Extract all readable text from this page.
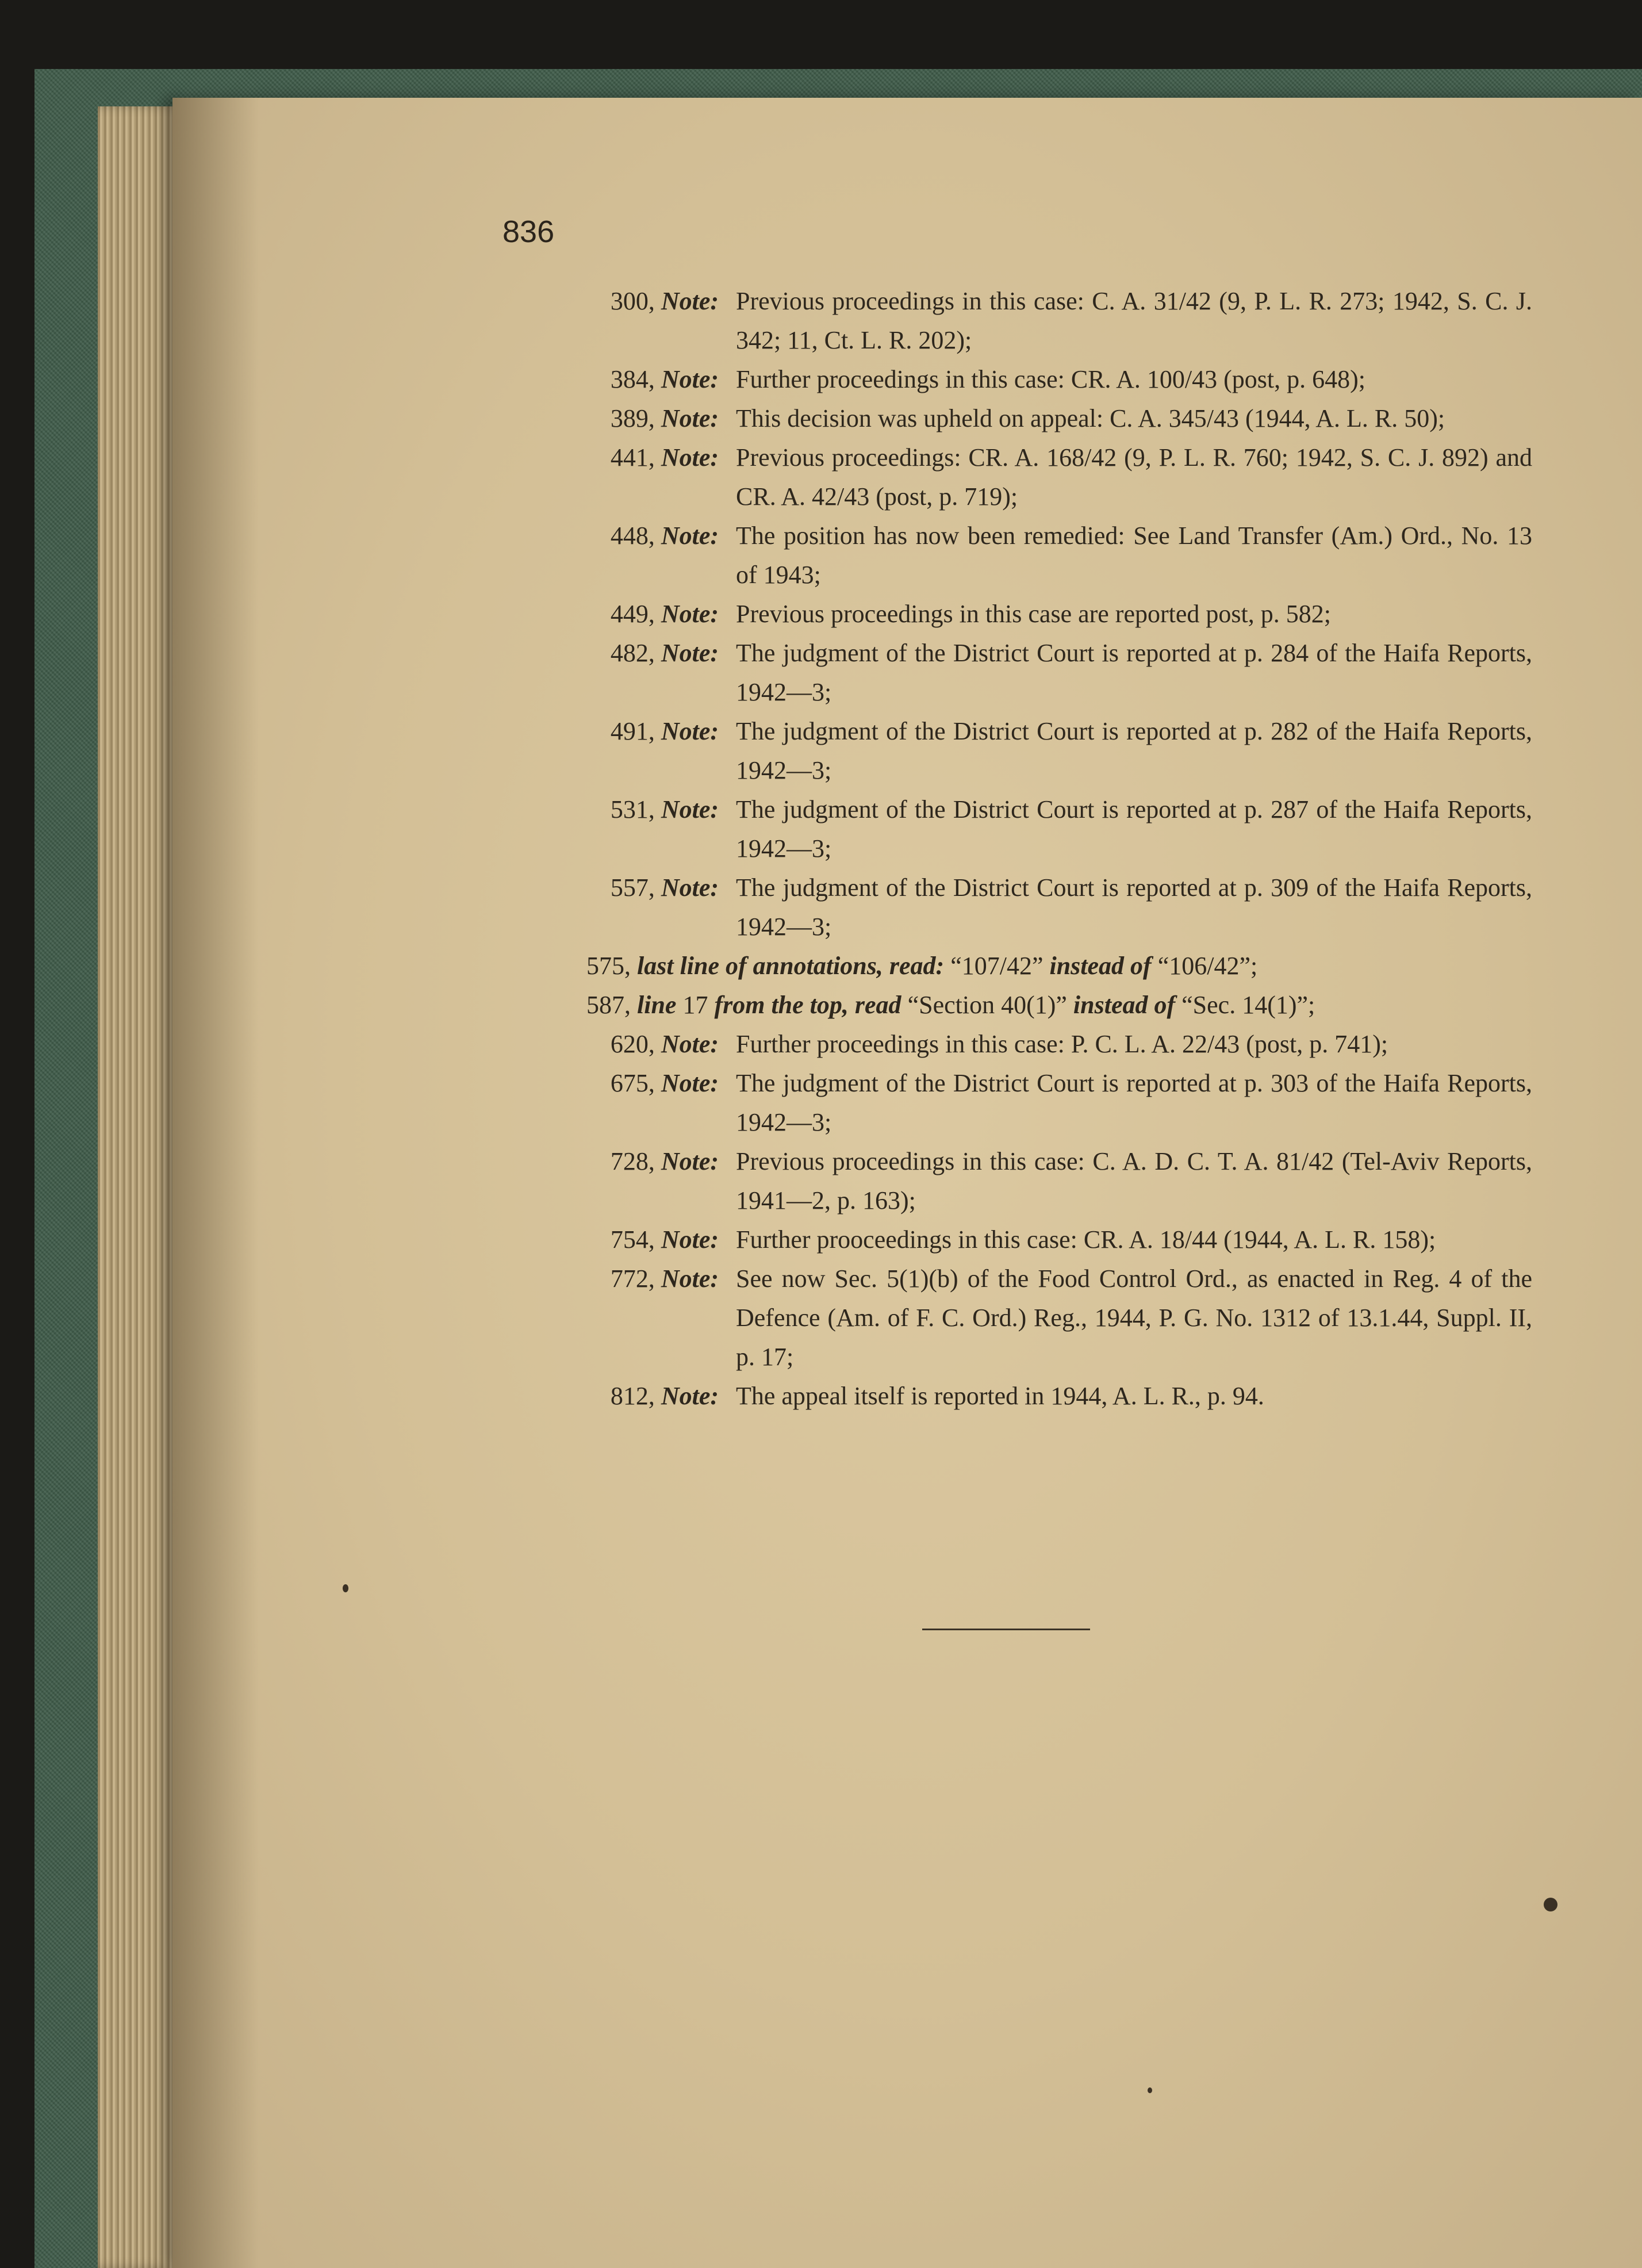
836
300, Note: Previous proceedings in this case: C. A. 31/42 (9, P. L. R. 273; 1942, S. C. J. 342; 11, Ct. L. R. 202);
384, Note: Further proceedings in this case: CR. A. 100/43 (post, p. 648);
389, Note: This decision was upheld on appeal: C. A. 345/43 (1944, A. L. R. 50);
441, Note: Previous proceedings: CR. A. 168/42 (9, P. L. R. 760; 1942, S. C. J. 892) and CR. A. 42/43 (post, p. 719);
448, Note: The position has now been remedied: See Land Transfer (Am.) Ord., No. 13 of 1943;
449, Note: Previous proceedings in this case are reported post, p. 582;
482, Note: The judgment of the District Court is reported at p. 284 of the Haifa Reports, 1942—3;
491, Note: The judgment of the District Court is reported at p. 282 of the Haifa Reports, 1942—3;
531, Note: The judgment of the District Court is reported at p. 287 of the Haifa Reports, 1942—3;
557, Note: The judgment of the District Court is reported at p. 309 of the Haifa Reports, 1942—3;
575, last line of annotations, read: “107/42” instead of “106/42”;
587, line 17 from the top, read “Section 40(1)” instead of “Sec. 14(1)”;
620, Note: Further proceedings in this case: P. C. L. A. 22/43 (post, p. 741);
675, Note: The judgment of the District Court is reported at p. 303 of the Haifa Reports, 1942—3;
728, Note: Previous proceedings in this case: C. A. D. C. T. A. 81/42 (Tel-Aviv Reports, 1941—2, p. 163);
754, Note: Further prooceedings in this case: CR. A. 18/44 (1944, A. L. R. 158);
772, Note: See now Sec. 5(1)(b) of the Food Control Ord., as enacted in Reg. 4 of the Defence (Am. of F. C. Ord.) Reg., 1944, P. G. No. 1312 of 13.1.44, Suppl. II, p. 17;
812, Note: The appeal itself is reported in 1944, A. L. R., p. 94.
